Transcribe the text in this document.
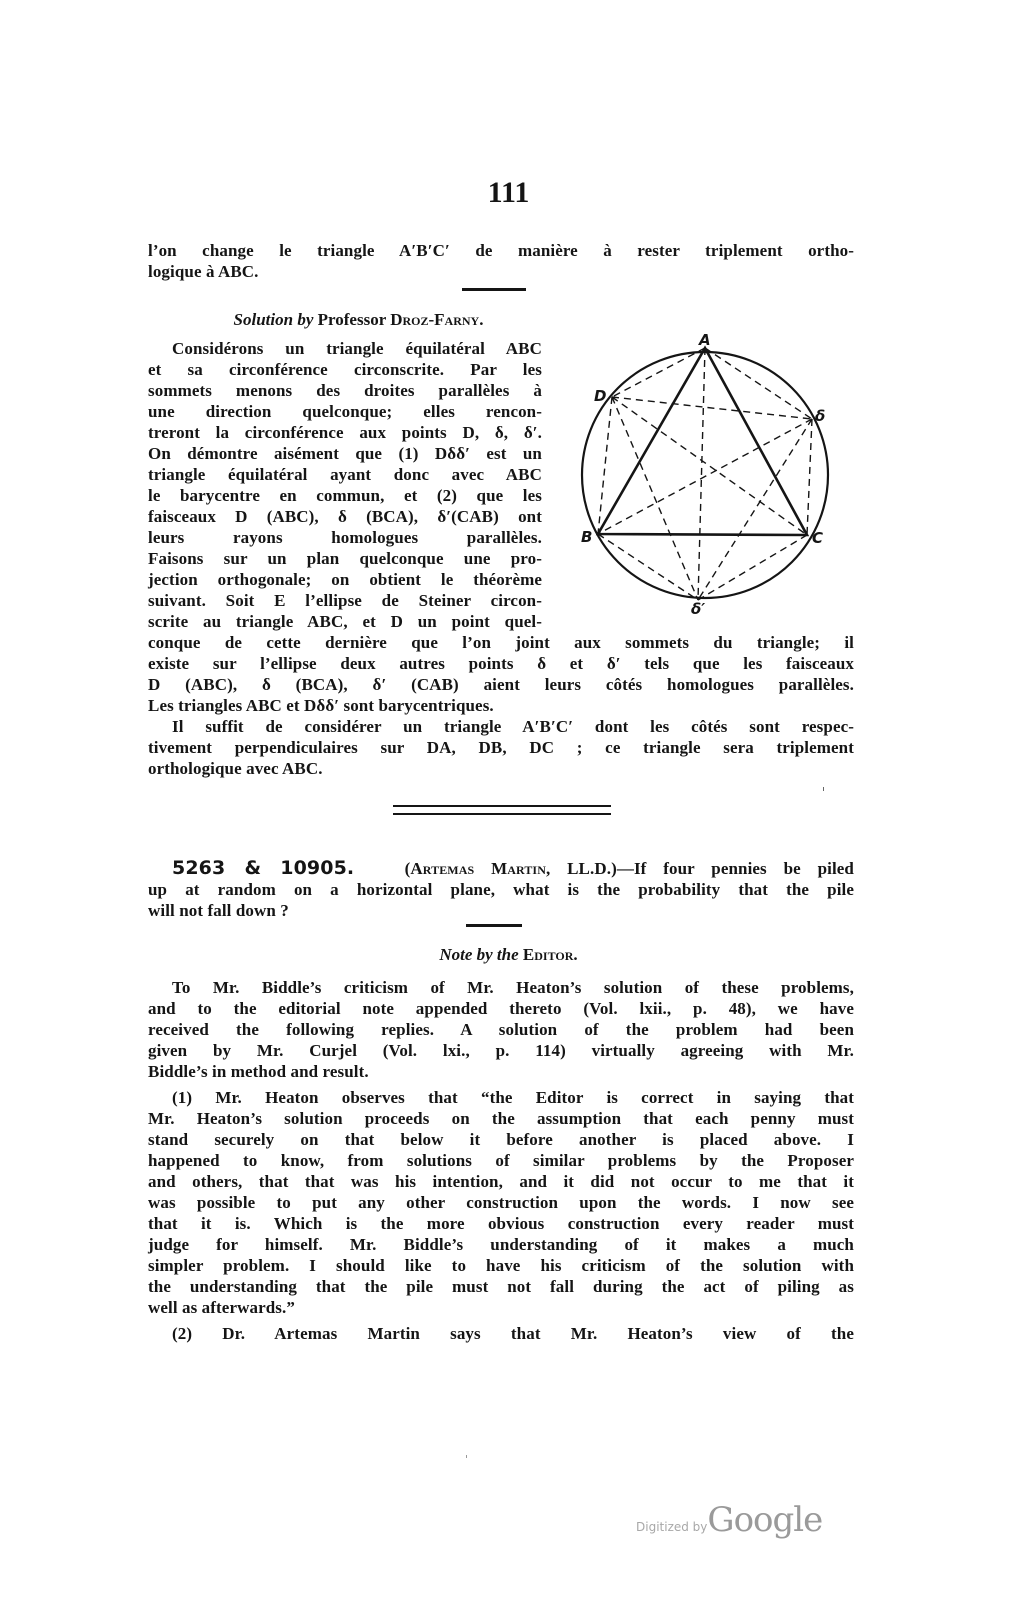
111
l’on change le triangle A′B′C′ de manière à rester triplement ortho-
logique à ABC.
Solution by Professor Droz-Farny.
Considérons un triangle équilatéral ABC
et sa circonférence circonscrite. Par les
sommets menons des droites parallèles à
une direction quelconque; elles rencon-
treront la circonférence aux points D, δ, δ′.
On démontre aisément que (1) Dδδ′ est un
triangle équilatéral ayant donc avec ABC
le barycentre en commun, et (2) que les
faisceaux D (ABC), δ (BCA), δ′(CAB) ont
leurs rayons homologues parallèles.
Faisons sur un plan quelconque une pro-
jection orthogonale; on obtient le théorème
suivant. Soit E l’ellipse de Steiner circon-
scrite au triangle ABC, et D un point quel-
conque de cette dernière que l’on joint aux sommets du triangle; il
existe sur l’ellipse deux autres points δ et δ′ tels que les faisceaux
D (ABC), δ (BCA), δ′ (CAB) aient leurs côtés homologues parallèles.
Les triangles ABC et Dδδ′ sont barycentriques.
Il suffit de considérer un triangle A′B′C′ dont les côtés sont respec-
tivement perpendiculaires sur DA, DB, DC ; ce triangle sera triplement
orthologique avec ABC.
A
D
δ
B	C
δ′
5263 & 10905.	(Artemas Martin, LL.D.)—If four pennies be piled
up at random on a horizontal plane, what is the probability that the pile
will not fall down ?
Note by the Editor.
To Mr. Biddle’s criticism of Mr. Heaton’s solution of these problems,
and to the editorial note appended thereto (Vol. lxii., p. 48), we have
received the following replies. A solution of the problem had been
given by Mr. Curjel (Vol. lxi., p. 114) virtually agreeing with Mr.
Biddle’s in method and result.
(1) Mr. Heaton observes that “the Editor is correct in saying that
Mr. Heaton’s solution proceeds on the assumption that each penny must
stand securely on that below it before another is placed above. I
happened to know, from solutions of similar problems by the Proposer
and others, that that was his intention, and it did not occur to me that it
was possible to put any other construction upon the words. I now see
that it is. Which is the more obvious construction every reader must
judge for himself. Mr. Biddle’s understanding of it makes a much
simpler problem. I should like to have his criticism of the solution with
the understanding that the pile must not fall during the act of piling as
well as afterwards.”
(2) Dr. Artemas Martin says that Mr. Heaton’s view of the
Digitized byGoogle
